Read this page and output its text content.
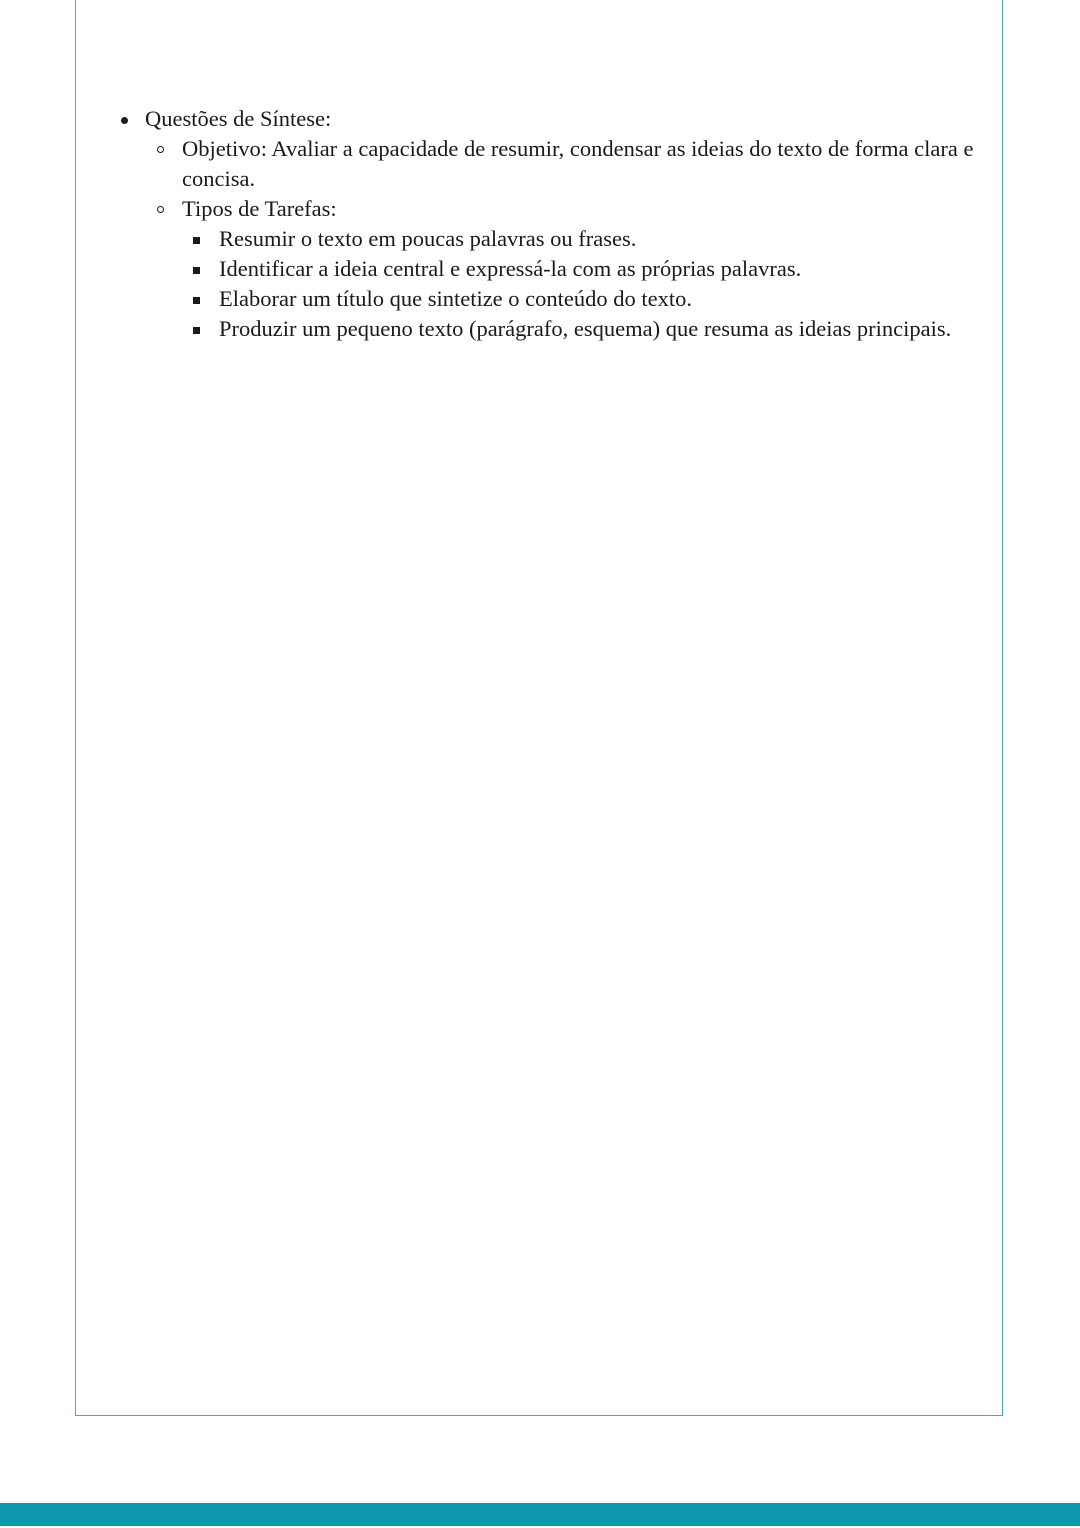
Questões de Síntese:
Objetivo: Avaliar a capacidade de resumir, condensar as ideias do texto de forma clara e concisa.
Tipos de Tarefas:
Resumir o texto em poucas palavras ou frases.
Identificar a ideia central e expressá-la com as próprias palavras.
Elaborar um título que sintetize o conteúdo do texto.
Produzir um pequeno texto (parágrafo, esquema) que resuma as ideias principais.
